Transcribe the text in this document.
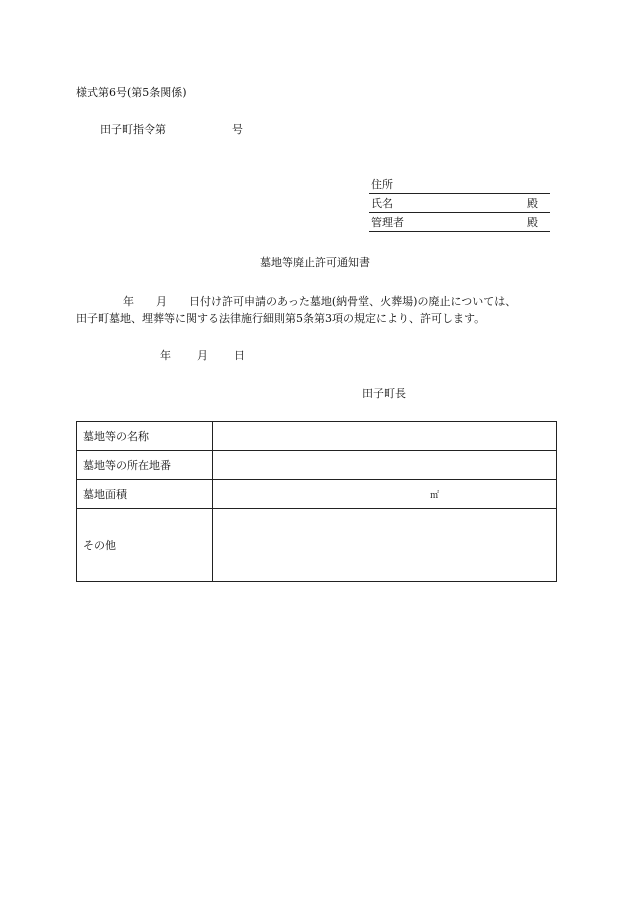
様式第6号(第5条関係)
田子町指令第	号
住所
氏名	殿
管理者	殿
墓地等廃止許可通知書
年 月 日付け許可申請のあった墓地(納骨堂、火葬場)の廃止については、
田子町墓地、埋葬等に関する法律施行細則第5条第3項の規定により、許可します。
年 月 日
田子町長
墓地等の名称	
墓地等の所在地番	
墓地面積	㎡
その他	
